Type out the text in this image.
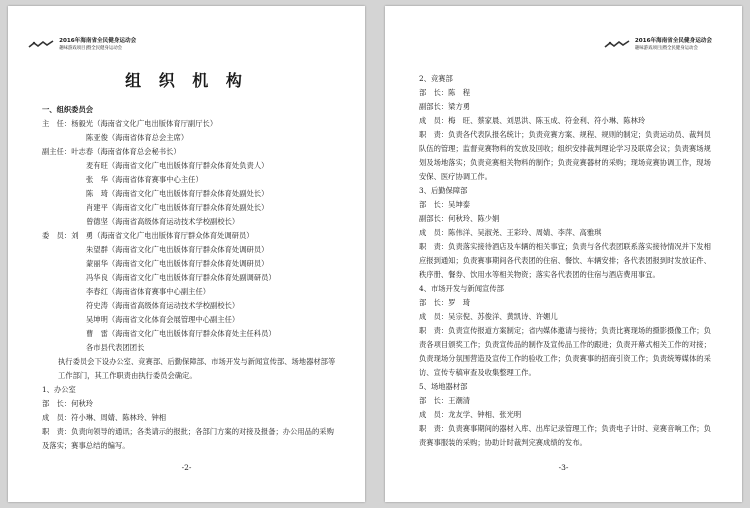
2016年海南省全民健身运动会
趣味游戏项目|暨全民健身运动会
组 织 机 构
一、组织委员会
主　任：杨毅光（海南省文化广电出版体育厅副厅长）
陈亚俊（海南省体育总会主席）
副主任：叶志春（海南省体育总会秘书长）
麦有旺（海南省文化广电出版体育厅群众体育处负责人）
张　华（海南省体育赛事中心主任）
陈　琦（海南省文化广电出版体育厅群众体育处副处长）
肖建平（海南省文化广电出版体育厅群众体育处副处长）
曾德坚（海南省高级体育运动技术学校副校长）
委　员：刘　勇（海南省文化广电出版体育厅群众体育处调研员）
朱望群（海南省文化广电出版体育厅群众体育处调研员）
蒙丽华（海南省文化广电出版体育厅群众体育处调研员）
冯华良（海南省文化广电出版体育厅群众体育处副调研员）
李春红（海南省体育赛事中心副主任）
符史涛（海南省高级体育运动技术学校副校长）
吴坤明（海南省文化体育会展管理中心副主任）
曹　雷（海南省文化广电出版体育厅群众体育处主任科员）
各市县代表团团长
执行委员会下设办公室、竞赛部、后勤保障部、市场开发与新闻宣传部、场地器材部等工作部门，其工作职责由执行委员会确定。
1、办公室
部　长：何秋玲
成　员：符小琳、周婧、陈林玲、钟相
职　责：负责向领导的通讯；各类请示的报批；各部门方案的对接及报备；办公用品的采购及落实；赛事总结的编写。
-2-

2016年海南省全民健身运动会
趣味游戏项目|暨全民健身运动会
2、竞赛部
部　长：陈　程
副部长：梁方勇
成　员：梅　旺、蔡家晨、刘思洪、陈玉成、符金利、符小琳、陈林玲
职　责：负责各代表队报名统计；负责竞赛方案、规程、规则的制定；负责运动员、裁判员队伍的管理；监督竞赛物料的发放及回收；组织安排裁判理论学习及联席会议；负责赛场规划及场地落实；负责竞赛相关物料的制作；负责竞赛器材的采购；现场竞赛协调工作，现场安保、医疗协调工作。
3、后勤保障部
部　长：吴坤泰
副部长：何秋玲、陈少娟
成　员：陈伟洋、吴淑尧、王彩玲、周婧、李萍、高雅琪
职　责：负责落实接待酒店及车辆的相关事宜；负责与各代表团联系落实接待情况并下发相应报到通知；负责赛事期间各代表团的住宿、餐饮、车辆安排；各代表团报到时发放证件、秩序册、餐券、饮用水等相关物资；落实各代表团的住宿与酒店费用事宜。
4、市场开发与新闻宣传部
部　长：罗　琦
成　员：吴宗倪、苏俊洋、黄凯诗、许媚儿
职　责：负责宣传报道方案制定；省内媒体邀请与接待；负责比赛现场的摄影摄像工作；负责各项目颁奖工作；负责宣传品的制作及宣传品工作的跟进；负责开幕式相关工作的对接；负责现场分氛围营造及宣传工作的验收工作；负责赛事的招商引资工作；负责统筹媒体的采访、宣传专稿审查及收集整理工作。
5、场地器材部
部　长：王潮清
成　员：龙友学、钟相、张光明
职　责：负责赛事期间的器材入库、出库记录管理工作；负责电子计时、竞赛音响工作；负责赛事服装的采购；协助计时裁判完赛成绩的发布。
-3-
